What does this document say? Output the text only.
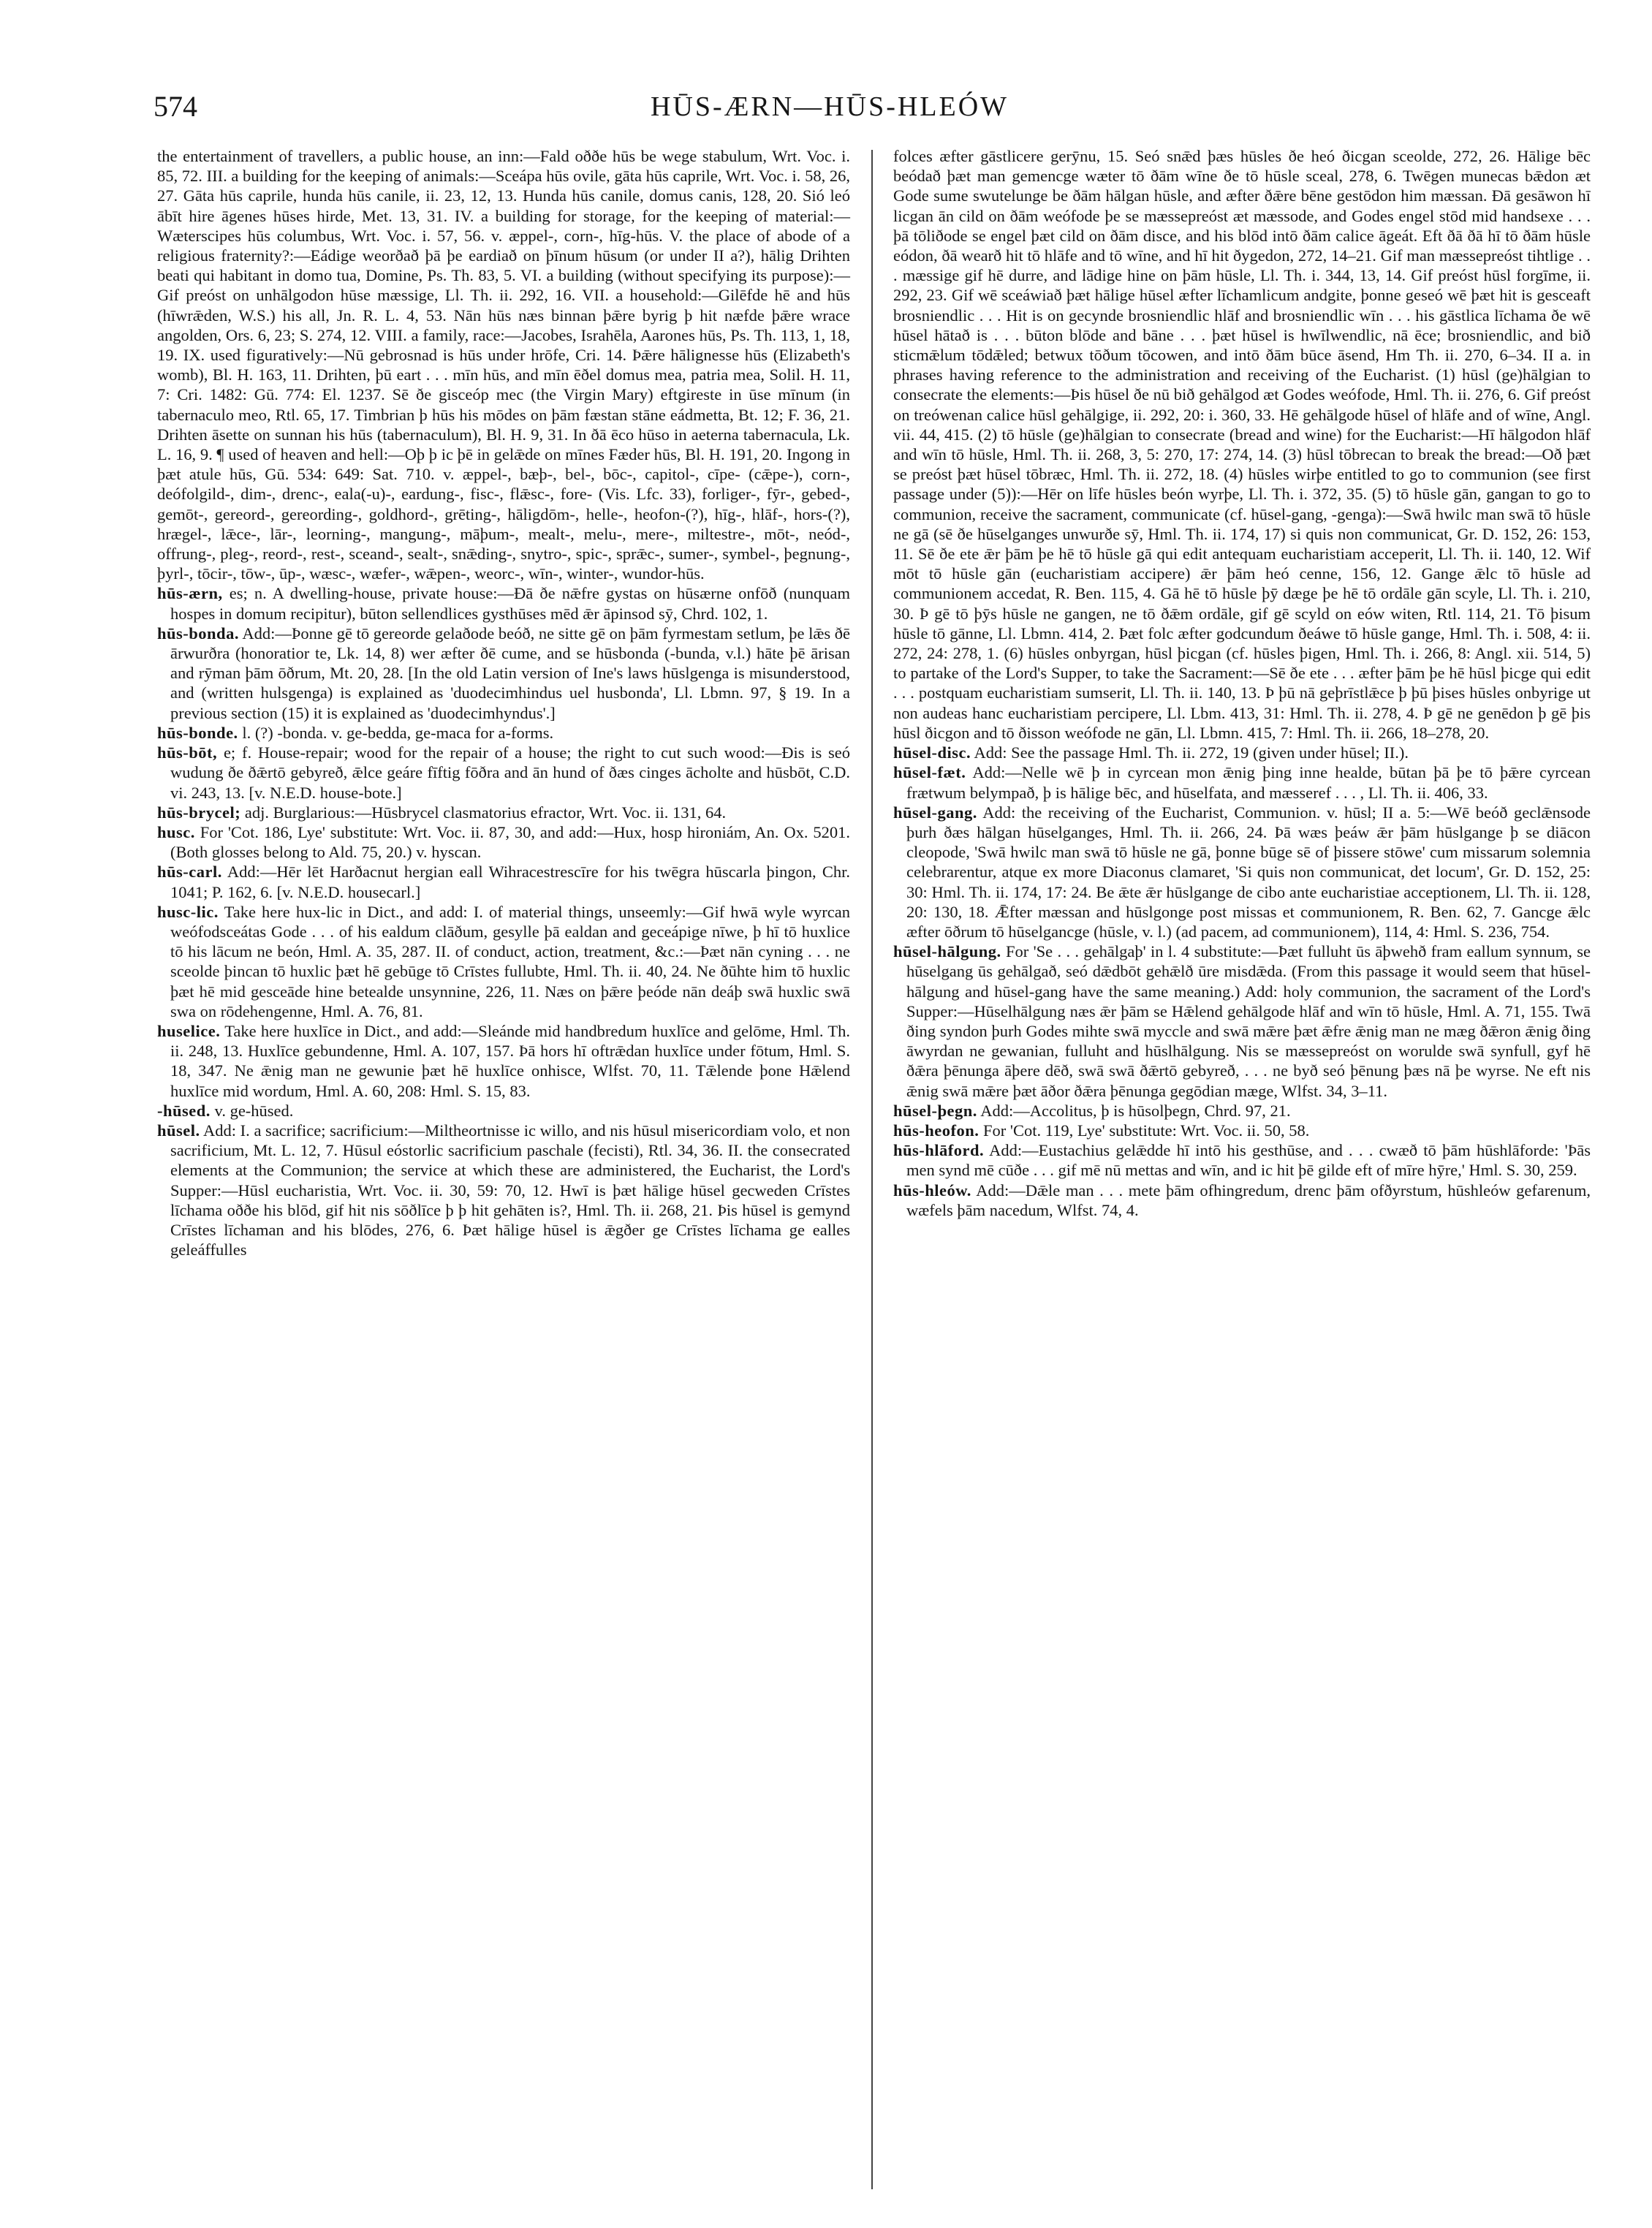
574	HŪS-ÆRN—HŪS-HLEÓW

the entertainment of travellers, a public house, an inn:—Fald oððe hūs be wege stabulum, Wrt. Voc. i. 85, 72. III. a building for the keeping of animals:—Sceápa hūs ovile, gāta hūs caprile, Wrt. Voc. i. 58, 26, 27. Gāta hūs caprile, hunda hūs canile, ii. 23, 12, 13. Hunda hūs canile, domus canis, 128, 20. Sió leó ābīt hire āgenes hūses hirde, Met. 13, 31. IV. a building for storage, for the keeping of material:—Wæterscipes hūs columbus, Wrt. Voc. i. 57, 56. v. æppel-, corn-, hīg-hūs. V. the place of abode of a religious fraternity?:—Eádige weorðað þā þe eardiað on þīnum hūsum (or under II a?), hālig Drihten beati qui habitant in domo tua, Domine, Ps. Th. 83, 5. VI. a building (without specifying its purpose):—Gif preóst on unhālgodon hūse mæssige, Ll. Th. ii. 292, 16. VII. a household:—Gilēfde hē and hūs (hīwrǣden, W.S.) his all, Jn. R. L. 4, 53. Nān hūs næs binnan þǣre byrig þ hit næfde þǣre wrace angolden, Ors. 6, 23; S. 274, 12. VIII. a family, race:—Jacobes, Israhēla, Aarones hūs, Ps. Th. 113, 1, 18, 19. IX. used figuratively:—Nū gebrosnad is hūs under hrōfe, Cri. 14. Þǣre hālignesse hūs (Elizabeth's womb), Bl. H. 163, 11. Drihten, þū eart . . . mīn hūs, and mīn ēðel domus mea, patria mea, Solil. H. 11, 7: Cri. 1482: Gū. 774: El. 1237. Sē ðe gisceóp mec (the Virgin Mary) eftgireste in ūse mīnum (in tabernaculo meo, Rtl. 65, 17. Timbrian þ hūs his mōdes on þām fæstan stāne eádmetta, Bt. 12; F. 36, 21. Drihten āsette on sunnan his hūs (tabernaculum), Bl. H. 9, 31. In ðā ēco hūso in aeterna tabernacula, Lk. L. 16, 9. ¶ used of heaven and hell:—Oþ þ ic þē in gelǣde on mīnes Fæder hūs, Bl. H. 191, 20. Ingong in þæt atule hūs, Gū. 534: 649: Sat. 710. v. æppel-, bæþ-, bel-, bōc-, capitol-, cīpe- (cǣpe-), corn-, deófolgild-, dim-, drenc-, eala(-u)-, eardung-, fisc-, flǣsc-, fore- (Vis. Lfc. 33), forliger-, fȳr-, gebed-, gemōt-, gereord-, gereording-, goldhord-, grēting-, hāligdōm-, helle-, heofon-(?), hīg-, hlāf-, hors-(?), hrægel-, lǣce-, lār-, leorning-, mangung-, māþum-, mealt-, melu-, mere-, miltestre-, mōt-, neód-, offrung-, pleg-, reord-, rest-, sceand-, sealt-, snǣding-, snytro-, spic-, sprǣc-, sumer-, symbel-, þegnung-, þyrl-, tōcir-, tōw-, ūp-, wæsc-, wæfer-, wǣpen-, weorc-, wīn-, winter-, wundor-hūs.

hūs-ærn, es; n. A dwelling-house, private house:—Ðā ðe nǣfre gystas on hūsærne onfōð (nunquam hospes in domum recipitur), būton sellendlices gysthūses mēd ǣr āpinsod sȳ, Chrd. 102, 1.

hūs-bonda. Add:—Þonne gē tō gereorde gelaðode beóð, ne sitte gē on þām fyrmestam setlum, þe lǣs ðē ārwurðra (honoratior te, Lk. 14, 8) wer æfter ðē cume, and se hūsbonda (-bunda, v.l.) hāte þē ārisan and rȳman þām ōðrum, Mt. 20, 28. [In the old Latin version of Ine's laws hūslgenga is misunderstood, and (written hulsgenga) is explained as 'duodecimhindus uel husbonda', Ll. Lbmn. 97, § 19. In a previous section (15) it is explained as 'duodecimhyndus'.]

hūs-bonde. l. (?) -bonda. v. ge-bedda, ge-maca for a-forms.

hūs-bōt, e; f. House-repair; wood for the repair of a house; the right to cut such wood:—Ðis is seó wudung ðe ðǣrtō gebyreð, ǣlce geáre fīftig fōðra and ān hund of ðæs cinges ācholte and hūsbōt, C.D. vi. 243, 13. [v. N.E.D. house-bote.]

hūs-brycel; adj. Burglarious:—Hūsbrycel clasmatorius efractor, Wrt. Voc. ii. 131, 64.

husc. For 'Cot. 186, Lye' substitute: Wrt. Voc. ii. 87, 30, and add:—Hux, hosp hironiám, An. Ox. 5201. (Both glosses belong to Ald. 75, 20.) v. hyscan.

hūs-carl. Add:—Hēr lēt Harðacnut hergian eall Wihracestrescīre for his twēgra hūscarla þingon, Chr. 1041; P. 162, 6. [v. N.E.D. housecarl.]

husc-lic. Take here hux-lic in Dict., and add: I. of material things, unseemly:—Gif hwā wyle wyrcan weófodsceátas Gode . . . of his ealdum clāðum, gesylle þā ealdan and geceápige nīwe, þ hī tō huxlice tō his lācum ne beón, Hml. A. 35, 287. II. of conduct, action, treatment, &c.:—Þæt nān cyning . . . ne sceolde þincan tō huxlic þæt hē gebūge tō Crīstes fullubte, Hml. Th. ii. 40, 24. Ne ðūhte him tō huxlic þæt hē mid gesceāde hine betealde unsynnine, 226, 11. Næs on þǣre þeóde nān deáþ swā huxlic swā swa on rōdehengenne, Hml. A. 76, 81.

huselice. Take here huxlīce in Dict., and add:—Sleánde mid handbredum huxlīce and gelōme, Hml. Th. ii. 248, 13. Huxlīce gebundenne, Hml. A. 107, 157. Þā hors hī oftrǣdan huxlīce under fōtum, Hml. S. 18, 347. Ne ǣnig man ne gewunie þæt hē huxlīce onhisce, Wlfst. 70, 11. Tǣlende þone Hǣlend huxlīce mid wordum, Hml. A. 60, 208: Hml. S. 15, 83.

-hūsed. v. ge-hūsed.

hūsel. Add: I. a sacrifice; sacrificium:—Miltheortnisse ic willo, and nis hūsul misericordiam volo, et non sacrificium, Mt. L. 12, 7. Hūsul eóstorlic sacrificium paschale (fecisti), Rtl. 34, 36. II. the consecrated elements at the Communion; the service at which these are administered, the Eucharist, the Lord's Supper:—Hūsl eucharistia, Wrt. Voc. ii. 30, 59: 70, 12. Hwī is þæt hālige hūsel gecweden Crīstes līchama oððe his blōd, gif hit nis sōðlīce þ þ hit gehāten is?, Hml. Th. ii. 268, 21. Þis hūsel is gemynd Crīstes līchaman and his blōdes, 276, 6. Þæt hālige hūsel is ǣgðer ge Crīstes līchama ge ealles geleáffulles

folces æfter gāstlicere gerȳnu, 15. Seó snǣd þæs hūsles ðe heó ðicgan sceolde, 272, 26. Hālige bēc beódað þæt man gemencge wæter tō ðām wīne ðe tō hūsle sceal, 278, 6. Twēgen munecas bǣdon æt Gode sume swutelunge be ðām hālgan hūsle, and æfter ðǣre bēne gestōdon him mæssan. Ðā gesāwon hī licgan ān cild on ðām weófode þe se mæssepreóst æt mæssode, and Godes engel stōd mid handsexe . . . þā tōliðode se engel þæt cild on ðām disce, and his blōd intō ðām calice āgeát. Eft ðā ðā hī tō ðām hūsle eódon, ðā wearð hit tō hlāfe and tō wīne, and hī hit ðygedon, 272, 14–21. Gif man mæssepreóst tihtlige . . . mæssige gif hē durre, and lādige hine on þām hūsle, Ll. Th. i. 344, 13, 14. Gif preóst hūsl forgīme, ii. 292, 23. Gif wē sceáwiað þæt hālige hūsel æfter līchamlicum andgite, þonne geseó wē þæt hit is gesceaft brosniendlic . . . Hit is on gecynde brosniendlic hlāf and brosniendlic wīn . . . his gāstlica līchama ðe wē hūsel hātað is . . . būton blōde and bāne . . . þæt hūsel is hwīlwendlic, nā ēce; brosniendlic, and bið sticmǣlum tōdǣled; betwux tōðum tōcowen, and intō ðām būce āsend, Hm Th. ii. 270, 6–34. II a. in phrases having reference to the administration and receiving of the Eucharist. (1) hūsl (ge)hālgian to consecrate the elements:—Þis hūsel ðe nū bið gehālgod æt Godes weófode, Hml. Th. ii. 276, 6. Gif preóst on treówenan calice hūsl gehālgige, ii. 292, 20: i. 360, 33. Hē gehālgode hūsel of hlāfe and of wīne, Angl. vii. 44, 415. (2) tō hūsle (ge)hālgian to consecrate (bread and wine) for the Eucharist:—Hī hālgodon hlāf and wīn tō hūsle, Hml. Th. ii. 268, 3, 5: 270, 17: 274, 14. (3) hūsl tōbrecan to break the bread:—Oð þæt se preóst þæt hūsel tōbræc, Hml. Th. ii. 272, 18. (4) hūsles wirþe entitled to go to communion (see first passage under (5)):—Hēr on līfe hūsles beón wyrþe, Ll. Th. i. 372, 35. (5) tō hūsle gān, gangan to go to communion, receive the sacrament, communicate (cf. hūsel-gang, -genga):—Swā hwilc man swā tō hūsle ne gā (sē ðe hūselganges unwurðe sȳ, Hml. Th. ii. 174, 17) si quis non communicat, Gr. D. 152, 26: 153, 11. Sē ðe ete ǣr þām þe hē tō hūsle gā qui edit antequam eucharistiam acceperit, Ll. Th. ii. 140, 12. Wif mōt tō hūsle gān (eucharistiam accipere) ǣr þām heó cenne, 156, 12. Gange ǣlc tō hūsle ad communionem accedat, R. Ben. 115, 4. Gā hē tō hūsle þȳ dæge þe hē tō ordāle gān scyle, Ll. Th. i. 210, 30. Þ gē tō þȳs hūsle ne gangen, ne tō ðǣm ordāle, gif gē scyld on eów witen, Rtl. 114, 21. Tō þisum hūsle tō gānne, Ll. Lbmn. 414, 2. Þæt folc æfter godcundum ðeáwe tō hūsle gange, Hml. Th. i. 508, 4: ii. 272, 24: 278, 1. (6) hūsles onbyrgan, hūsl þicgan (cf. hūsles þigen, Hml. Th. i. 266, 8: Angl. xii. 514, 5) to partake of the Lord's Supper, to take the Sacrament:—Sē ðe ete . . . æfter þām þe hē hūsl þicge qui edit . . . postquam eucharistiam sumserit, Ll. Th. ii. 140, 13. Þ þū nā geþrīstlǣce þ þū þises hūsles onbyrige ut non audeas hanc eucharistiam percipere, Ll. Lbm. 413, 31: Hml. Th. ii. 278, 4. Þ gē ne genēdon þ gē þis hūsl ðicgon and tō ðisson weófode ne gān, Ll. Lbmn. 415, 7: Hml. Th. ii. 266, 18–278, 20.

hūsel-disc. Add: See the passage Hml. Th. ii. 272, 19 (given under hūsel; II.).

hūsel-fæt. Add:—Nelle wē þ in cyrcean mon ǣnig þing inne healde, būtan þā þe tō þǣre cyrcean frætwum belympað, þ is hālige bēc, and hūselfata, and mæsseref . . . , Ll. Th. ii. 406, 33.

hūsel-gang. Add: the receiving of the Eucharist, Communion. v. hūsl; II a. 5:—Wē beóð geclǣnsode þurh ðæs hālgan hūselganges, Hml. Th. ii. 266, 24. Þā wæs þeáw ǣr þām hūslgange þ se diācon cleopode, 'Swā hwilc man swā tō hūsle ne gā, þonne būge sē of þissere stōwe' cum missarum solemnia celebrarentur, atque ex more Diaconus clamaret, 'Si quis non communicat, det locum', Gr. D. 152, 25: 30: Hml. Th. ii. 174, 17: 24. Be ǣte ǣr hūslgange de cibo ante eucharistiae acceptionem, Ll. Th. ii. 128, 20: 130, 18. Ǣfter mæssan and hūslgonge post missas et communionem, R. Ben. 62, 7. Gancge ǣlc æfter ōðrum tō hūselgancge (hūsle, v. l.) (ad pacem, ad communionem), 114, 4: Hml. S. 236, 754.

hūsel-hālgung. For 'Se . . . gehālgaþ' in l. 4 substitute:—Þæt fulluht ūs āþwehð fram eallum synnum, se hūselgang ūs gehālgað, seó dǣdbōt gehǣlð ūre misdǣda. (From this passage it would seem that hūsel-hālgung and hūsel-gang have the same meaning.) Add: holy communion, the sacrament of the Lord's Supper:—Hūselhālgung næs ǣr þām se Hǣlend gehālgode hlāf and wīn tō hūsle, Hml. A. 71, 155. Twā ðing syndon þurh Godes mihte swā myccle and swā mǣre þæt ǣfre ǣnig man ne mæg ðǣron ǣnig ðing āwyrdan ne gewanian, fulluht and hūslhālgung. Nis se mæssepreóst on worulde swā synfull, gyf hē ðǣra þēnunga āþere dēð, swā swā ðǣrtō gebyreð, . . . ne byð seó þēnung þæs nā þe wyrse. Ne eft nis ǣnig swā mǣre þæt āðor ðǣra þēnunga gegōdian mæge, Wlfst. 34, 3–11.

hūsel-þegn. Add:—Accolitus, þ is hūsolþegn, Chrd. 97, 21.

hūs-heofon. For 'Cot. 119, Lye' substitute: Wrt. Voc. ii. 50, 58.

hūs-hlāford. Add:—Eustachius gelǣdde hī intō his gesthūse, and . . . cwæð tō þām hūshlāforde: 'Þās men synd mē cūðe . . . gif mē nū mettas and wīn, and ic hit þē gilde eft of mīre hȳre,' Hml. S. 30, 259.

hūs-hleów. Add:—Dǣle man . . . mete þām ofhingredum, drenc þām ofðyrstum, hūshleów gefarenum, wæfels þām nacedum, Wlfst. 74, 4.
